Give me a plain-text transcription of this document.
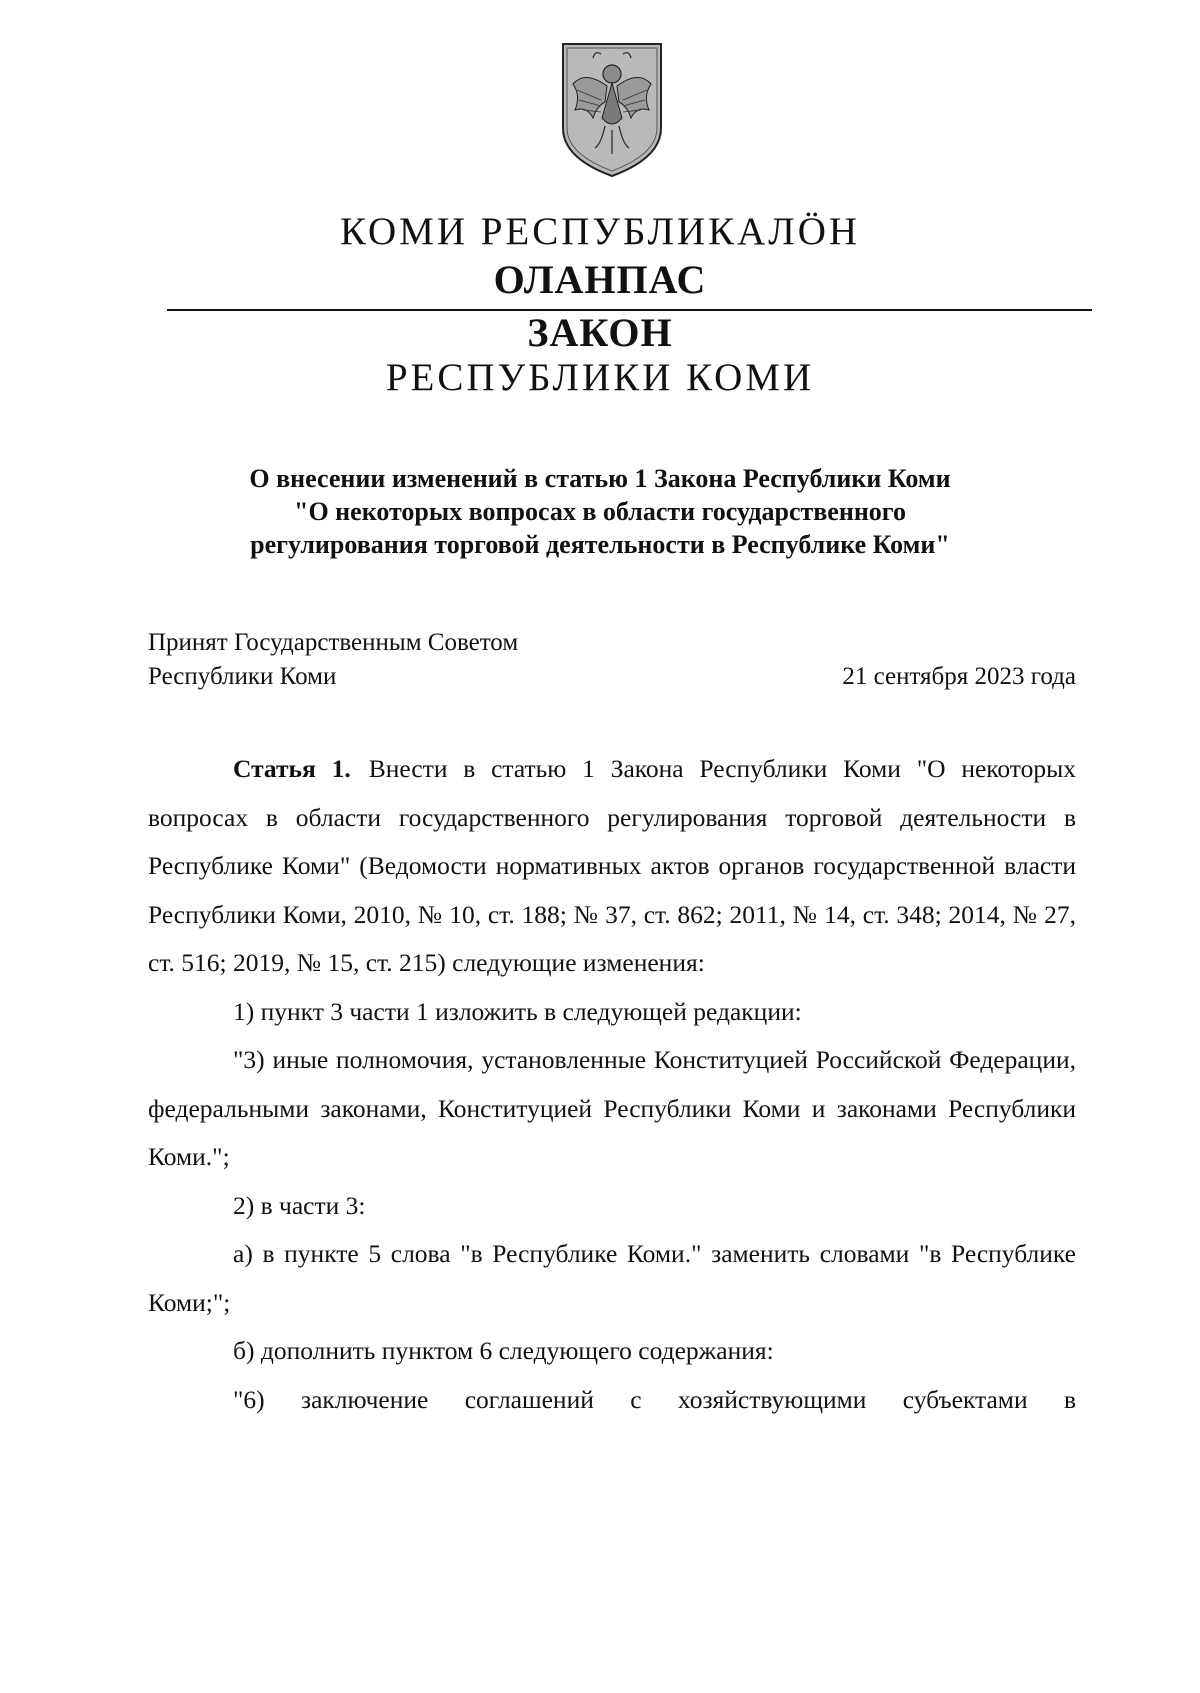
КОМИ РЕСПУБЛИКАЛӦН
ОЛАНПАС
ЗАКОН
РЕСПУБЛИКИ КОМИ
О внесении изменений в статью 1 Закона Республики Коми
"О некоторых вопросах в области государственного
регулирования торговой деятельности в Республике Коми"
Принят Государственным Советом
Республики Коми	21 сентября 2023 года

Статья 1. Внести в статью 1 Закона Республики Коми "О некоторых вопросах в области государственного регулирования торговой деятельности в Республике Коми" (Ведомости нормативных актов органов государственной власти Республики Коми, 2010, № 10, ст. 188; № 37, ст. 862; 2011, № 14, ст. 348; 2014, № 27, ст. 516; 2019, № 15, ст. 215) следующие изменения:

1) пункт 3 части 1 изложить в следующей редакции:

"3) иные полномочия, установленные Конституцией Российской Федерации, федеральными законами, Конституцией Республики Коми и законами Республики Коми.";

2) в части 3:

а) в пункте 5 слова "в Республике Коми." заменить словами "в Республике Коми;";

б) дополнить пунктом 6 следующего содержания:

"6) заключение соглашений с хозяйствующими субъектами в
